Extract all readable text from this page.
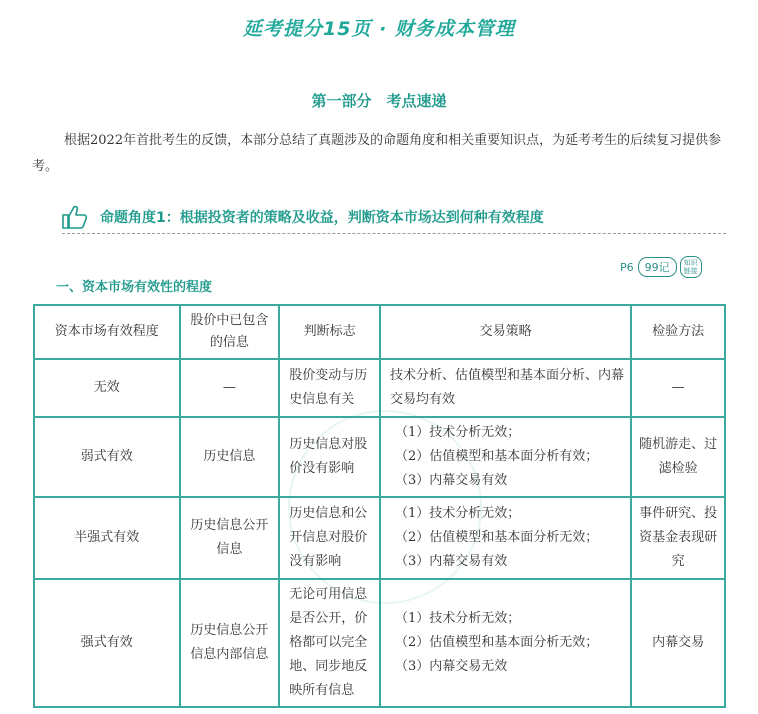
延考提分15页 · 财务成本管理
第一部分　考点速递
根据2022年首批考生的反馈，本部分总结了真题涉及的命题角度和相关重要知识点，为延考考生的后续复习提供参考。
命题角度1：根据投资者的策略及收益，判断资本市场达到何种有效程度
P6	99记	知识
链接
一、资本市场有效性的程度
资本市场有效程度	股价中已包含的信息	判断标志	交易策略	检验方法
无效	—	股价变动与历史信息有关	技术分析、估值模型和基本面分析、内幕交易均有效	—
弱式有效	历史信息	历史信息对股价没有影响	（1）技术分析无效；
（2）估值模型和基本面分析有效；
（3）内幕交易有效	随机游走、过滤检验
半强式有效	历史信息公开信息	历史信息和公开信息对股价没有影响	（1）技术分析无效；
（2）估值模型和基本面分析无效；
（3）内幕交易有效	事件研究、投资基金表现研究
强式有效	历史信息公开信息内部信息	无论可用信息是否公开，价格都可以完全地、同步地反映所有信息	（1）技术分析无效；
（2）估值模型和基本面分析无效；
（3）内幕交易无效	内幕交易
